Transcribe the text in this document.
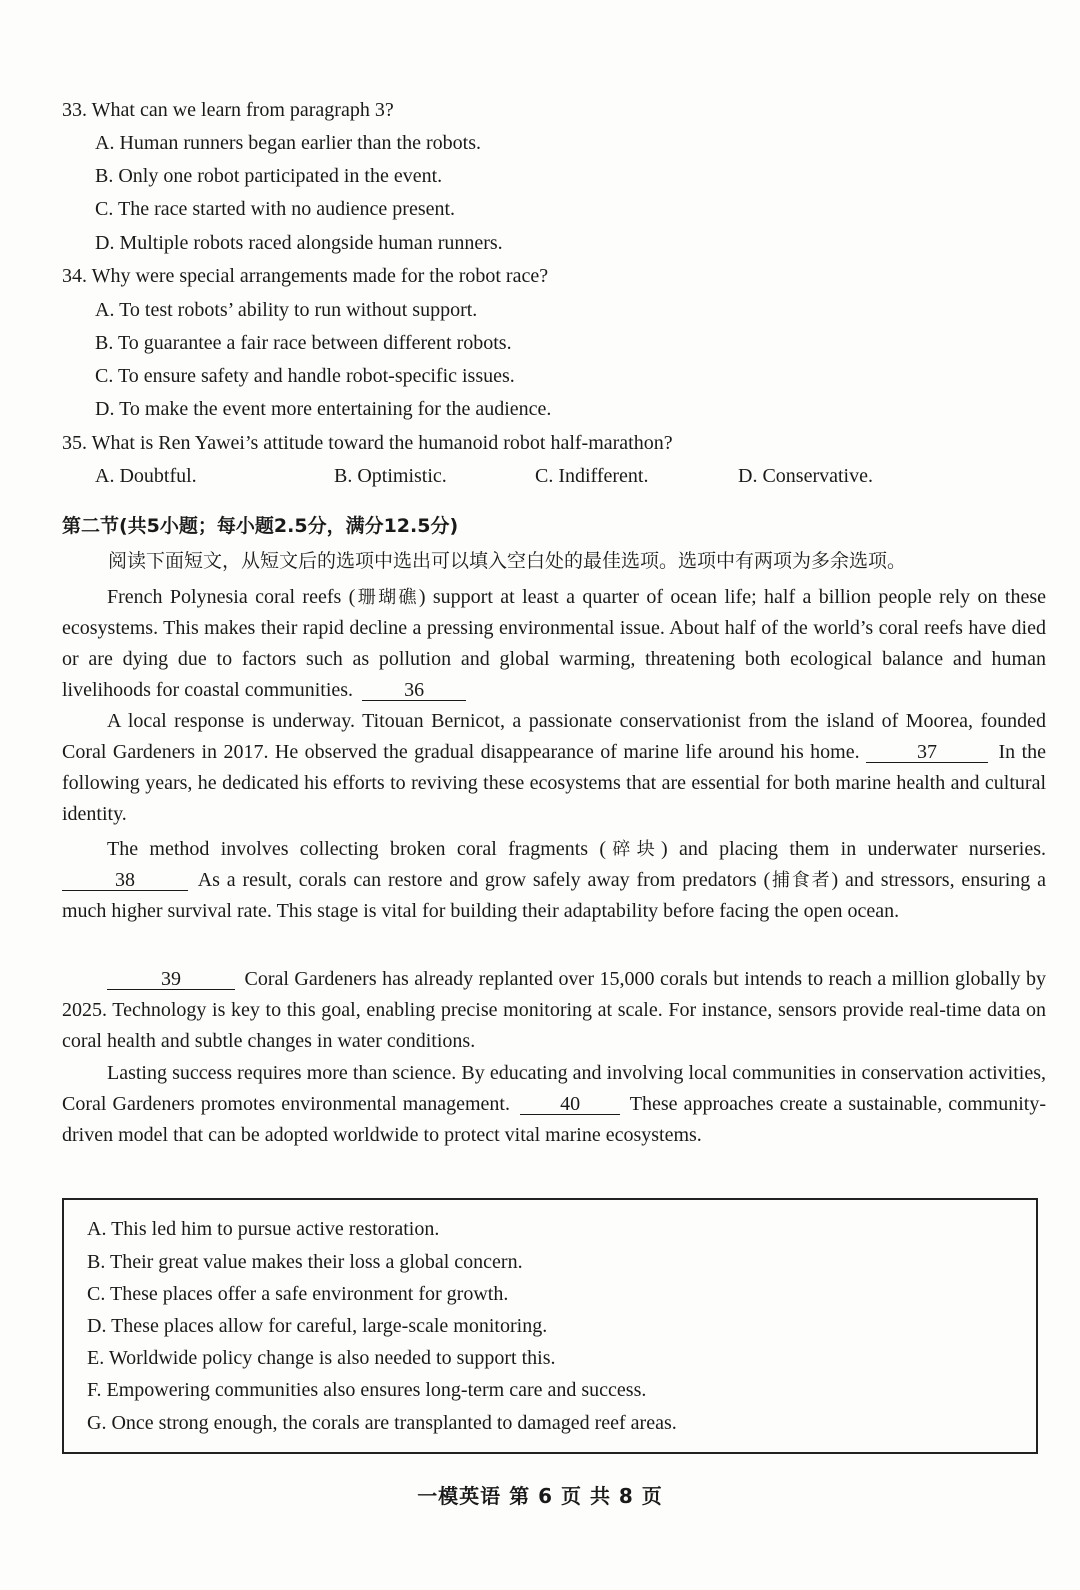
33. What can we learn from paragraph 3?
A. Human runners began earlier than the robots.
B. Only one robot participated in the event.
C. The race started with no audience present.
D. Multiple robots raced alongside human runners.
34. Why were special arrangements made for the robot race?
A. To test robots’ ability to run without support.
B. To guarantee a fair race between different robots.
C. To ensure safety and handle robot-specific issues.
D. To make the event more entertaining for the audience.
35. What is Ren Yawei’s attitude toward the humanoid robot half-marathon?
A. Doubtful.	B. Optimistic.	C. Indifferent.	D. Conservative.
第二节(共5小题；每小题2.5分，满分12.5分)
阅读下面短文，从短文后的选项中选出可以填入空白处的最佳选项。选项中有两项为多余选项。
French Polynesia coral reefs (珊瑚礁) support at least a quarter of ocean life; half a billion people rely on these ecosystems. This makes their rapid decline a pressing environmental issue. About half of the world’s coral reefs have died or are dying due to factors such as pollution and global warming, threatening both ecological balance and human livelihoods for coastal communities.	36
A local response is underway. Titouan Bernicot, a passionate conservationist from the island of Moorea, founded Coral Gardeners in 2017. He observed the gradual disappearance of marine life around his home.	37	In the following years, he dedicated his efforts to reviving these ecosystems that are essential for both marine health and cultural identity.
The method involves collecting broken coral fragments (碎块) and placing them in underwater nurseries. 38	As a result, corals can restore and grow safely away from predators (捕食者) and stressors, ensuring a much higher survival rate. This stage is vital for building their adaptability before facing the open ocean.
39	Coral Gardeners has already replanted over 15,000 corals but intends to reach a million globally by 2025. Technology is key to this goal, enabling precise monitoring at scale. For instance, sensors provide real-time data on coral health and subtle changes in water conditions.
Lasting success requires more than science. By educating and involving local communities in conservation activities, Coral Gardeners promotes environmental management.	40 These approaches create a sustainable, community-driven model that can be adopted worldwide to protect vital marine ecosystems.
A. This led him to pursue active restoration.
B. Their great value makes their loss a global concern.
C. These places offer a safe environment for growth.
D. These places allow for careful, large-scale monitoring.
E. Worldwide policy change is also needed to support this.
F. Empowering communities also ensures long-term care and success.
G. Once strong enough, the corals are transplanted to damaged reef areas.
一模英语 第 6 页 共 8 页
